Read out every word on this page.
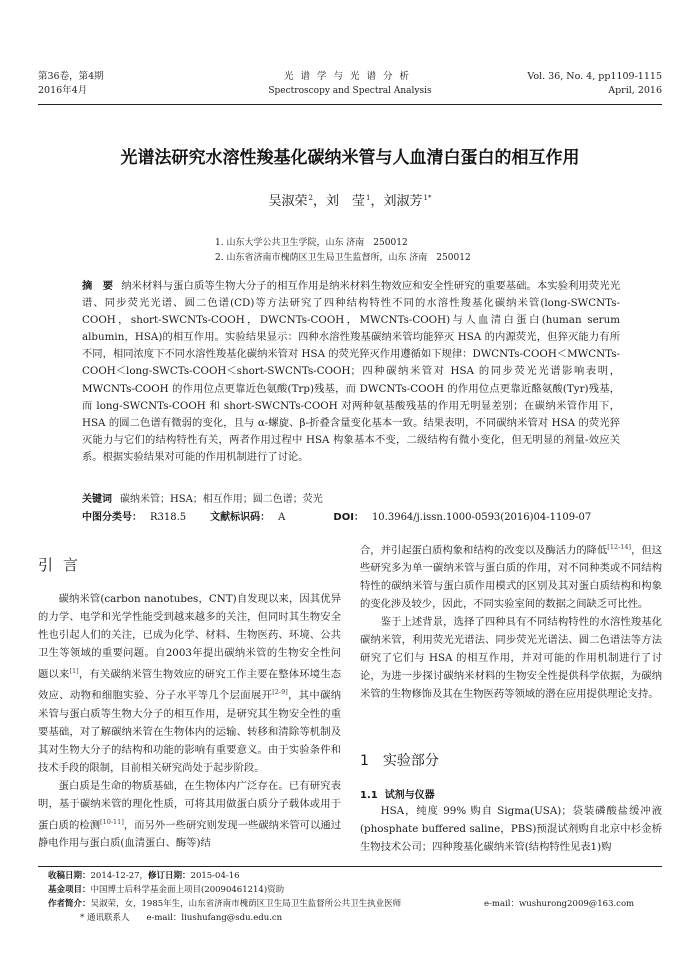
第36卷，第4期
2016年4月
光谱学与光谱分析
Spectroscopy and Spectral Analysis
Vol. 36, No. 4, pp1109-1115
April, 2016
光谱法研究水溶性羧基化碳纳米管与人血清白蛋白的相互作用
吴淑荣$^2$，刘　莹$^1$，刘淑芳$^{1*}$
1. 山东大学公共卫生学院，山东 济南　250012
2. 山东省济南市槐荫区卫生局卫生监督所，山东 济南　250012
摘　要 纳米材料与蛋白质等生物大分子的相互作用是纳米材料生物效应和安全性研究的重要基础。本实验利用荧光光谱、同步荧光光谱、圆二色谱(CD)等方法研究了四种结构特性不同的水溶性羧基化碳纳米管(long-SWCNTs-COOH，short-SWCNTs-COOH，DWCNTs-COOH，MWCNTs-COOH)与人血清白蛋白(human serum albumin，HSA)的相互作用。实验结果显示：四种水溶性羧基碳纳米管均能猝灭 HSA 的内源荧光，但猝灭能力有所不同，相同浓度下不同水溶性羧基化碳纳米管对 HSA 的荧光猝灭作用遵循如下规律：DWCNTs-COOH＜MWCNTs-COOH＜long-SWCTs-COOH＜short-SWCNTs-COOH；四种碳纳米管对 HSA 的同步荧光光谱影响表明，MWCNTs-COOH 的作用位点更靠近色氨酸(Trp)残基，而 DWCNTs-COOH 的作用位点更靠近酪氨酸(Tyr)残基，而 long-SWCNTs-COOH 和 short-SWCNTs-COOH 对两种氨基酸残基的作用无明显差别；在碳纳米管作用下，HSA 的圆二色谱有微弱的变化，且与 α-螺旋、β-折叠含量变化基本一致。结果表明，不同碳纳米管对 HSA 的荧光猝灭能力与它们的结构特性有关，两者作用过程中 HSA 构象基本不变，二级结构有微小变化，但无明显的剂量-效应关系。根据实验结果对可能的作用机制进行了讨论。
关键词 碳纳米管；HSA；相互作用；圆二色谱；荧光
中图分类号： R318.5 文献标识码： A	DOI： 10.3964/j.issn.1000-0593(2016)04-1109-07
引言

碳纳米管(carbon nanotubes，CNT)自发现以来，因其优异的力学、电学和光学性能受到越来越多的关注，但同时其生物安全性也引起人们的关注，已成为化学、材料、生物医药、环境、公共卫生等领域的重要问题。自2003年提出碳纳米管的生物安全性问题以来[1]，有关碳纳米管生物效应的研究工作主要在整体环境生态效应、动物和细胞实验、分子水平等几个层面展开[2-9]，其中碳纳米管与蛋白质等生物大分子的相互作用，是研究其生物安全性的重要基础，对了解碳纳米管在生物体内的运输、转移和清除等机制及其对生物大分子的结构和功能的影响有重要意义。由于实验条件和技术手段的限制，目前相关研究尚处于起步阶段。

蛋白质是生命的物质基础，在生物体内广泛存在。已有研究表明，基于碳纳米管的理化性质，可将其用做蛋白质分子载体或用于蛋白质的检测[10-11]，而另外一些研究则发现一些碳纳米管可以通过静电作用与蛋白质(血清蛋白、酶等)结

合，并引起蛋白质构象和结构的改变以及酶活力的降低[12-14]，但这些研究多为单一碳纳米管与蛋白质的作用，对不同种类或不同结构特性的碳纳米管与蛋白质作用模式的区别及其对蛋白质结构和构象的变化涉及较少，因此，不同实验室间的数据之间缺乏可比性。

鉴于上述背景，选择了四种具有不同结构特性的水溶性羧基化碳纳米管，利用荧光光谱法、同步荧光光谱法、圆二色谱法等方法研究了它们与 HSA 的相互作用，并对可能的作用机制进行了讨论，为进一步探讨碳纳米材料的生物安全性提供科学依据，为碳纳米管的生物修饰及其在生物医药等领域的潜在应用提供理论支持。

1 实验部分
1.1 试剂与仪器

HSA，纯度 99% 购自 Sigma(USA)；袋装磷酸盐缓冲液(phosphate buffered saline，PBS)预混试剂购自北京中杉金桥生物技术公司；四种羧基化碳纳米管(结构特性见表1)购

收稿日期：2014-12-27，修订日期：2015-04-16
基金项目：中国博士后科学基金面上项目(20090461214)资助
作者简介：吴淑荣，女，1985年生，山东省济南市槐荫区卫生局卫生监督所公共卫生执业医师	e-mail：wushurong2009@163.com
* 通讯联系人　　e-mail：liushufang@sdu.edu.cn
